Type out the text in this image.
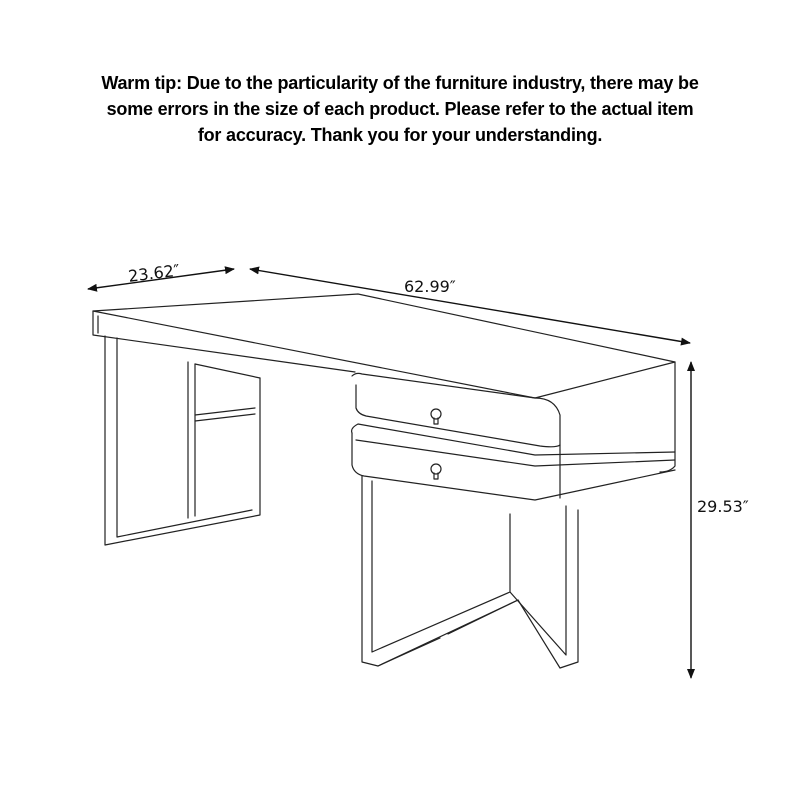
Warm tip: Due to the particularity of the furniture industry, there may be
some errors in the size of each product. Please refer to the actual item
for accuracy. Thank you for your understanding.
23.62″
62.99″
29.53″
